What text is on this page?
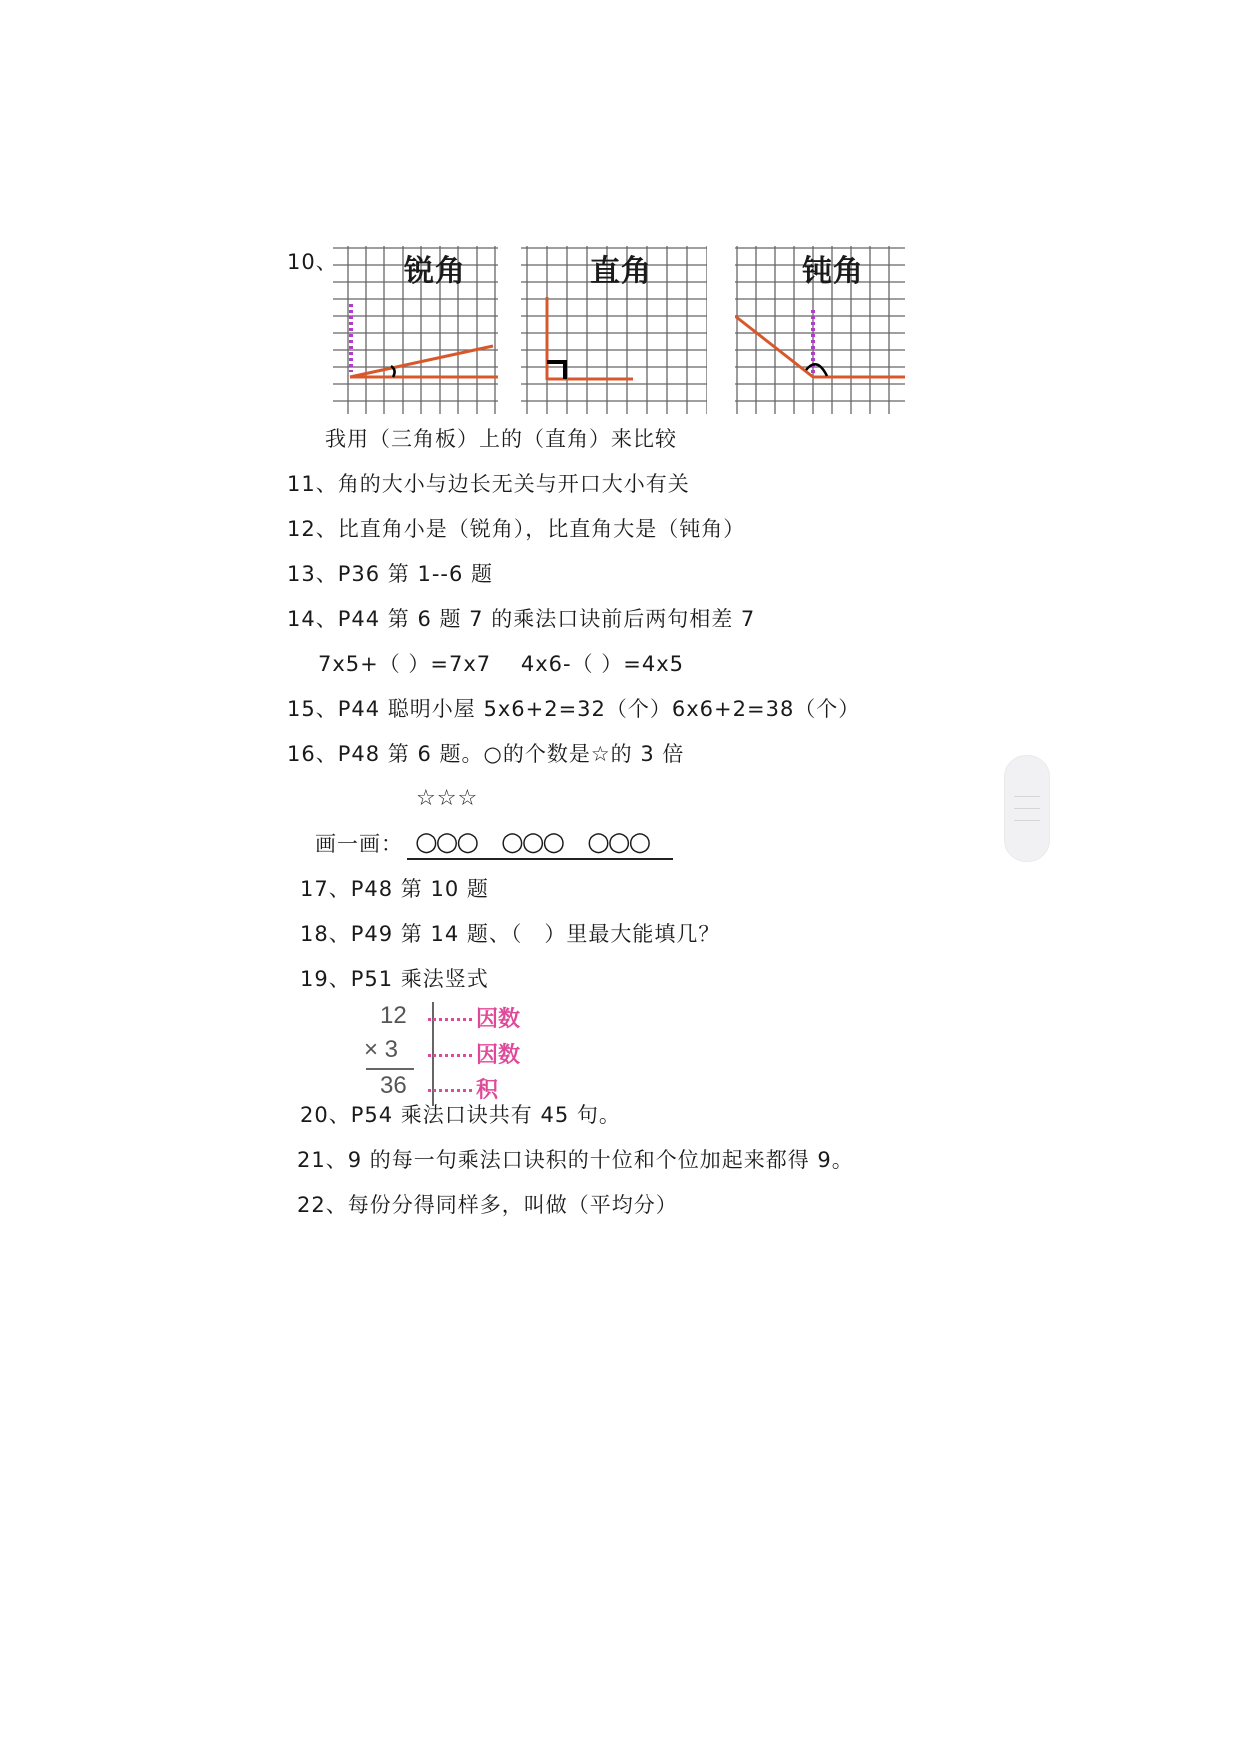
10、 锐角	直角	钝角
我用（三角板）上的（直角）来比较
11、角的大小与边长无关与开口大小有关
12、比直角小是（锐角），比直角大是（钝角）
13、P36 第 1--6 题
14、P44 第 6 题 7 的乘法口诀前后两句相差 7
7x5+（ ）=7x7　 4x6-（ ）=4x5
15、P44 聪明小屋 5x6+2=32（个）6x6+2=38（个）
16、P48 第 6 题。○的个数是☆的 3 倍
☆☆☆
画一画： ○○○　○○○　○○○
17、P48 第 10 题
18、P49 第 14 题、（　）里最大能填几？
19、P51 乘法竖式
12
× 3
36
因数
因数
积
20、P54 乘法口诀共有 45 句。
21、9 的每一句乘法口诀积的十位和个位加起来都得 9。
22、每份分得同样多，叫做（平均分）
